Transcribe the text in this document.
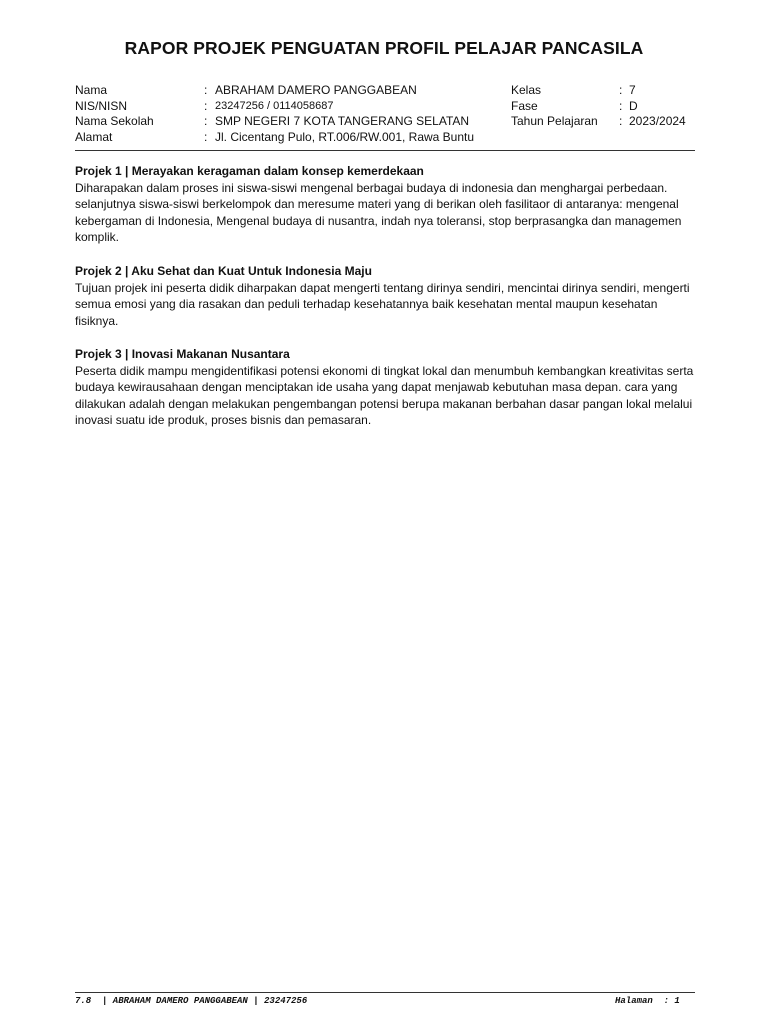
RAPOR PROJEK PENGUATAN PROFIL PELAJAR PANCASILA
Nama	: ABRAHAM DAMERO PANGGABEAN	Kelas	: 7
NIS/NISN	: 23247256 / 0114058687	Fase	: D
Nama Sekolah	: SMP NEGERI 7 KOTA TANGERANG SELATAN	Tahun Pelajaran : 2023/2024
Alamat	: Jl. Cicentang Pulo, RT.006/RW.001, Rawa Buntu
Projek 1 | Merayakan keragaman dalam konsep kemerdekaan

Diharapakan dalam proses ini siswa-siswi mengenal berbagai budaya di indonesia dan menghargai perbedaan. selanjutnya siswa-siswi berkelompok dan meresume materi yang di berikan oleh fasilitaor di antaranya: mengenal kebergaman di Indonesia, Mengenal budaya di nusantra, indah nya toleransi, stop berprasangka dan managemen komplik.

Projek 2 | Aku Sehat dan Kuat Untuk Indonesia Maju

Tujuan projek ini peserta didik diharpakan dapat mengerti tentang dirinya sendiri, mencintai dirinya sendiri, mengerti semua emosi yang dia rasakan dan peduli terhadap kesehatannya baik kesehatan mental maupun kesehatan fisiknya.

Projek 3 | Inovasi Makanan Nusantara

Peserta didik mampu mengidentifikasi potensi ekonomi di tingkat lokal dan menumbuh kembangkan kreativitas serta budaya kewirausahaan dengan menciptakan ide usaha yang dapat menjawab kebutuhan masa depan. cara yang dilakukan adalah dengan melakukan pengembangan potensi berupa makanan berbahan dasar pangan lokal melalui inovasi suatu ide produk, proses bisnis dan pemasaran.

7.8  | ABRAHAM DAMERO PANGGABEAN | 23247256

	Halaman  : 1
